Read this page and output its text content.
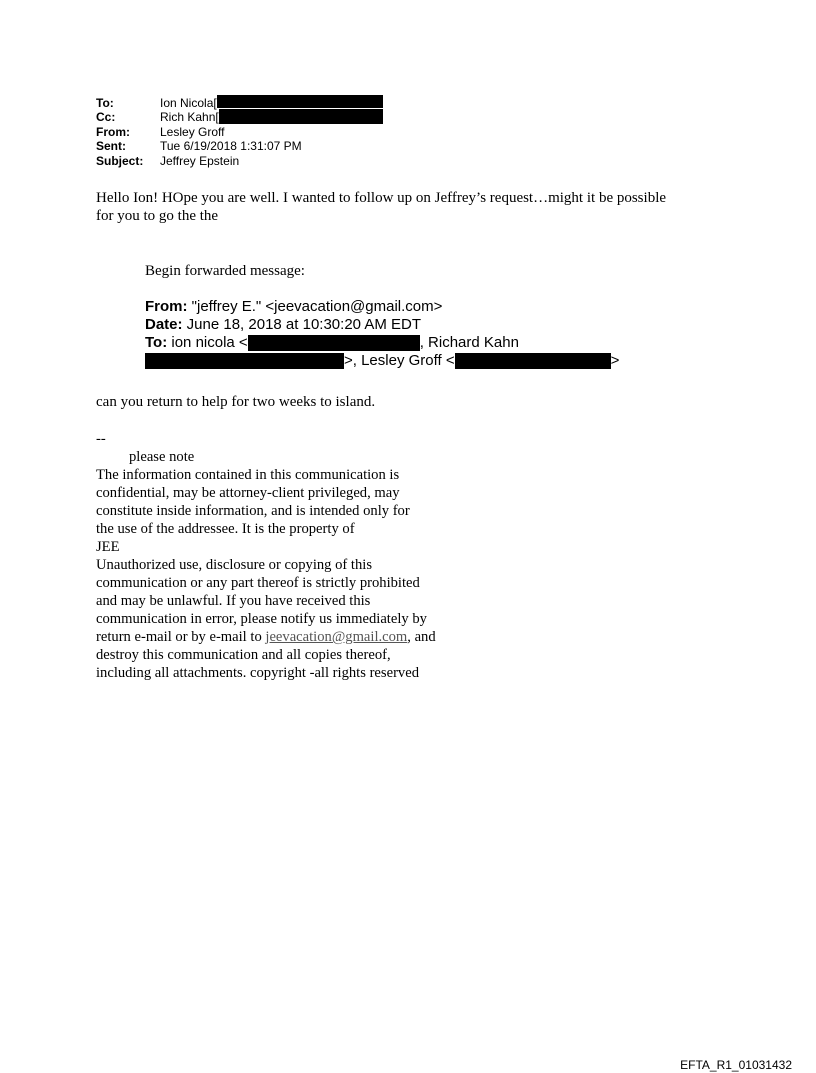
To:	Ion Nicola[
Cc:	Rich Kahn[
From:	Lesley Groff
Sent:	Tue 6/19/2018 1:31:07 PM
Subject:	Jeffrey Epstein
Hello Ion! HOpe you are well. I wanted to follow up on Jeffrey’s request…might it be possible
for you to go the the
Begin forwarded message:
From: "jeffrey E." <jeevacation@gmail.com>
Date: June 18, 2018 at 10:30:20 AM EDT
To: ion nicola <	, Richard Kahn
>, Lesley Groff <	>
can you return to help for two weeks to island.
--
please note
The information contained in this communication is
confidential, may be attorney-client privileged, may
constitute inside information, and is intended only for
the use of the addressee. It is the property of
JEE
Unauthorized use, disclosure or copying of this
communication or any part thereof is strictly prohibited
and may be unlawful. If you have received this
communication in error, please notify us immediately by
return e-mail or by e-mail to jeevacation@gmail.com, and
destroy this communication and all copies thereof,
including all attachments. copyright -all rights reserved
EFTA_R1_01031432
